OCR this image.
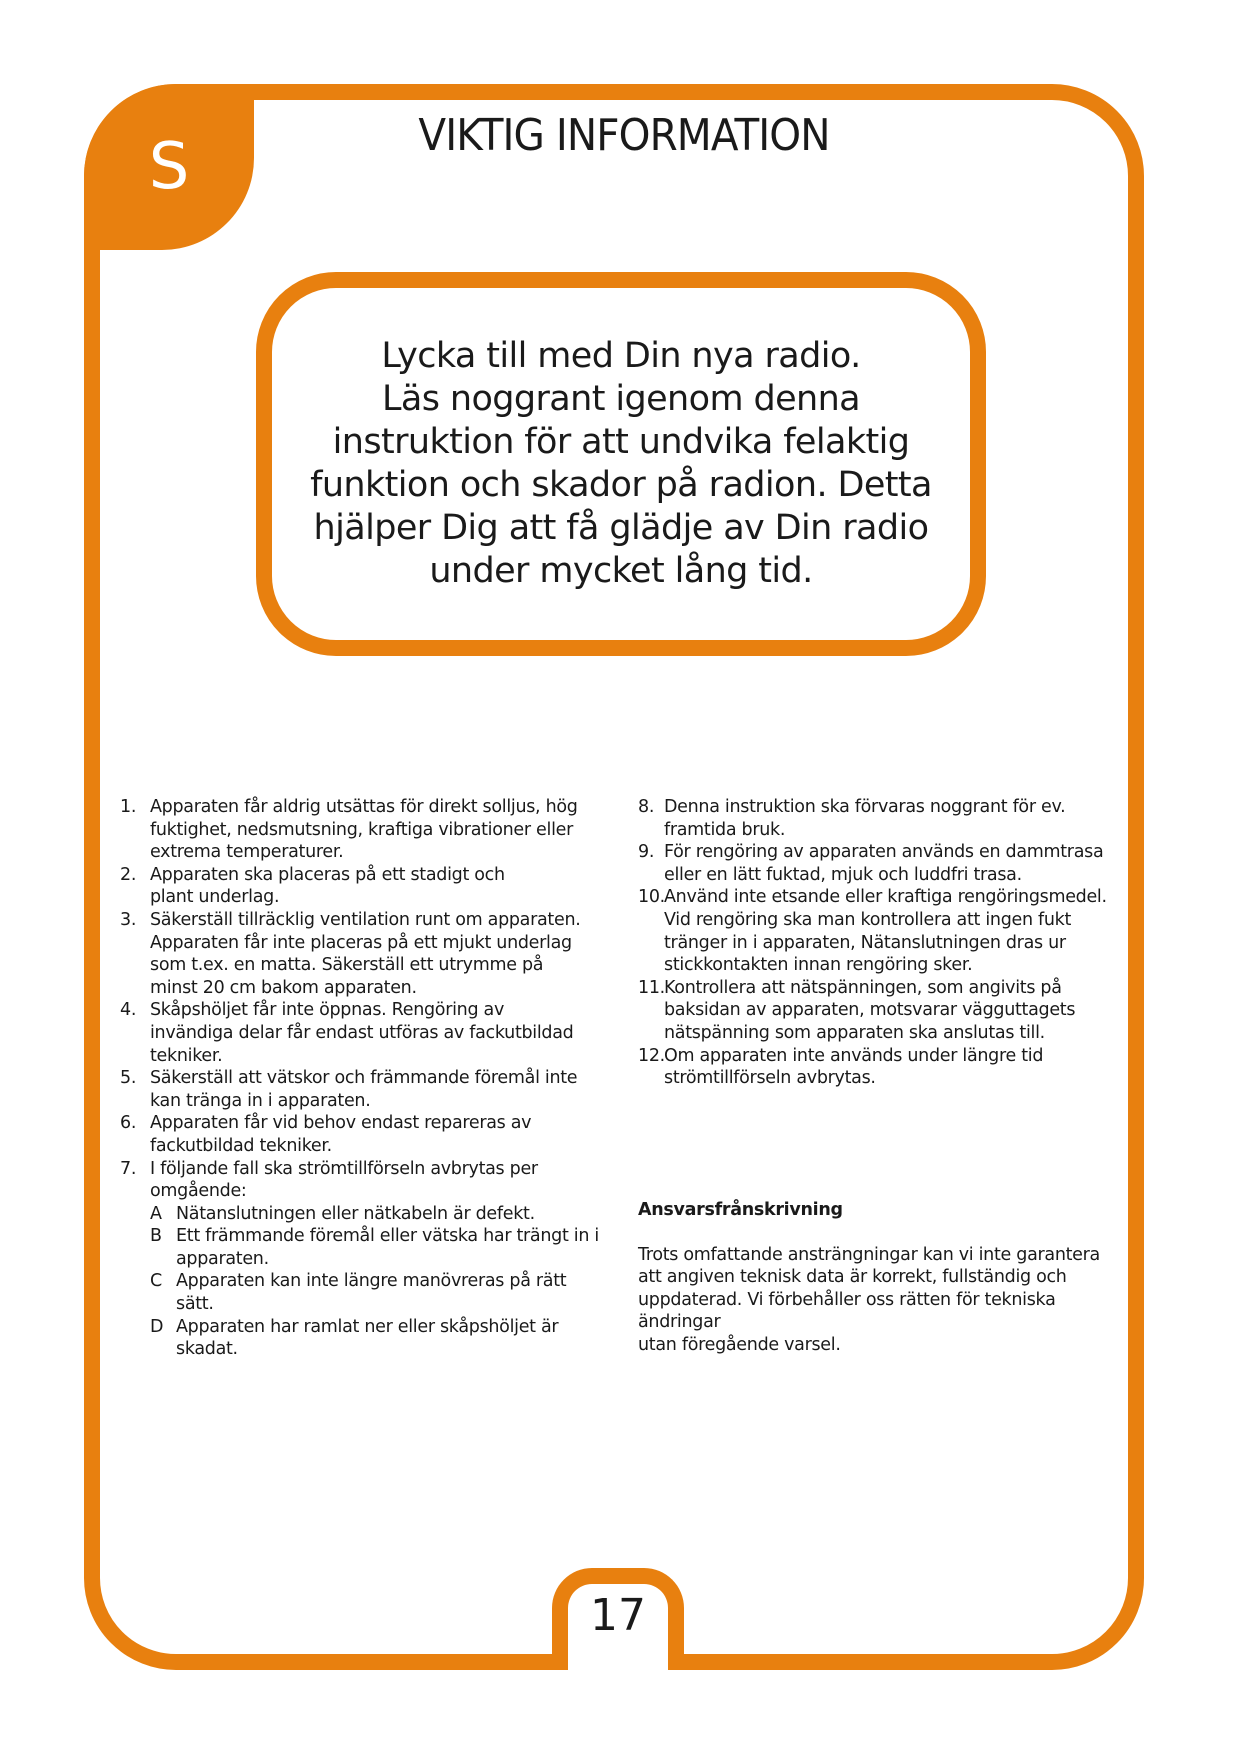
S	VIKTIG INFORMATION
Lycka till med Din nya radio.
Läs noggrant igenom denna
instruktion för att undvika felaktig
funktion och skador på radion. Detta
hjälper Dig att få glädje av Din radio
under mycket lång tid.
1. Apparaten får aldrig utsättas för direkt solljus, hög
fuktighet, nedsmutsning, kraftiga vibrationer eller
extrema temperaturer.
2. Apparaten ska placeras på ett stadigt och
plant underlag.
3. Säkerställ tillräcklig ventilation runt om apparaten.
Apparaten får inte placeras på ett mjukt underlag
som t.ex. en matta. Säkerställ ett utrymme på
minst 20 cm bakom apparaten.
4. Skåpshöljet får inte öppnas. Rengöring av
invändiga delar får endast utföras av fackutbildad
tekniker.
5. Säkerställ att vätskor och främmande föremål inte
kan tränga in i apparaten.
6. Apparaten får vid behov endast repareras av
fackutbildad tekniker.
7. I följande fall ska strömtillförseln avbrytas per
omgående:
A Nätanslutningen eller nätkabeln är defekt.
B Ett främmande föremål eller vätska har trängt in i
apparaten.
C Apparaten kan inte längre manövreras på rätt
sätt.
D Apparaten har ramlat ner eller skåpshöljet är
skadat.
8. Denna instruktion ska förvaras noggrant för ev.
framtida bruk.
9. För rengöring av apparaten används en dammtrasa
eller en lätt fuktad, mjuk och luddfri trasa.
10. Använd inte etsande eller kraftiga rengöringsmedel.
Vid rengöring ska man kontrollera att ingen fukt
tränger in i apparaten, Nätanslutningen dras ur
stickkontakten innan rengöring sker.
11. Kontrollera att nätspänningen, som angivits på
baksidan av apparaten, motsvarar vägguttagets
nätspänning som apparaten ska anslutas till.
12. Om apparaten inte används under längre tid
strömtillförseln avbrytas.
Ansvarsfrånskrivning
Trots omfattande ansträngningar kan vi inte garantera
att angiven teknisk data är korrekt, fullständig och
uppdaterad. Vi förbehåller oss rätten för tekniska
ändringar
utan föregående varsel.
17
